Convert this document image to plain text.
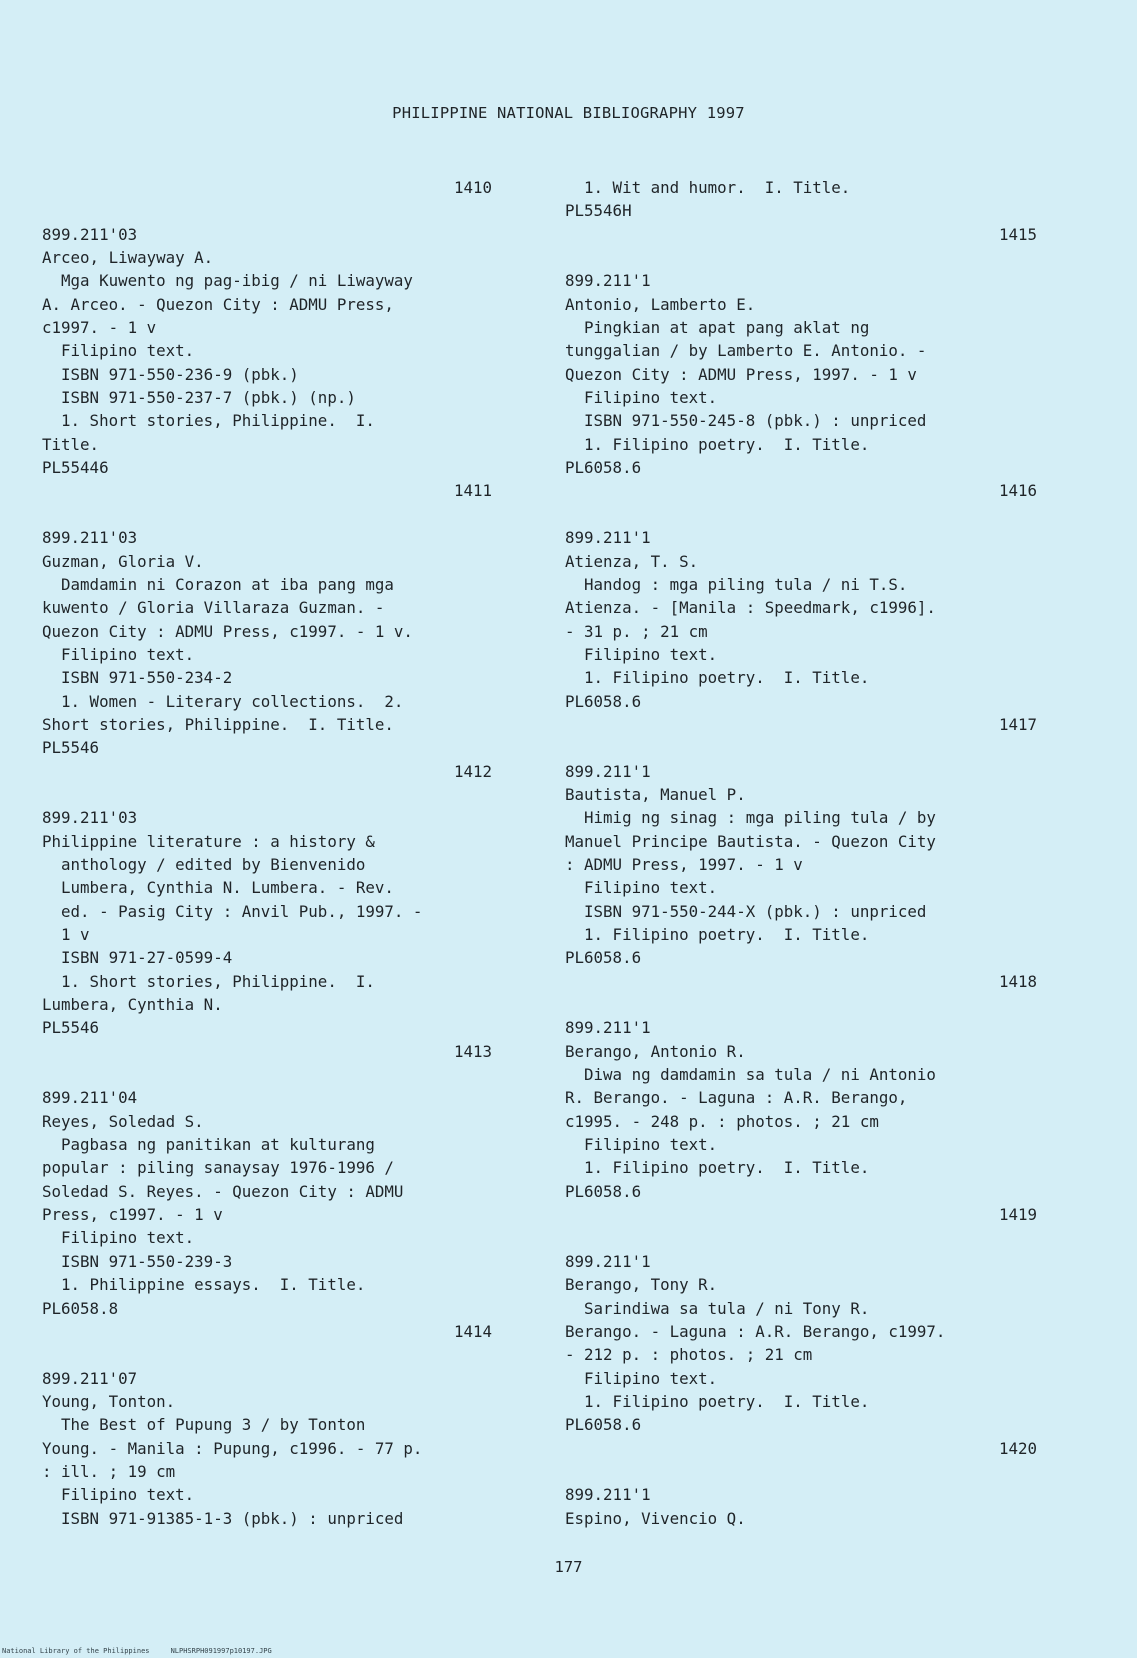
PHILIPPINE NATIONAL BIBLIOGRAPHY 1997
1410
899.211'03
Arceo, Liwayway A.
Mga Kuwento ng pag-ibig / ni Liwayway
A. Arceo. - Quezon City : ADMU Press,
c1997. - 1 v
Filipino text.
ISBN 971-550-236-9 (pbk.)
ISBN 971-550-237-7 (pbk.) (np.)
1. Short stories, Philippine.  I.
Title.
PL55446
1411
899.211'03
Guzman, Gloria V.
Damdamin ni Corazon at iba pang mga
kuwento / Gloria Villaraza Guzman. -
Quezon City : ADMU Press, c1997. - 1 v.
Filipino text.
ISBN 971-550-234-2
1. Women - Literary collections.  2.
Short stories, Philippine.  I. Title.
PL5546
1412
899.211'03
Philippine literature : a history &
anthology / edited by Bienvenido
Lumbera, Cynthia N. Lumbera. - Rev.
ed. - Pasig City : Anvil Pub., 1997. -
1 v
ISBN 971-27-0599-4
1. Short stories, Philippine.  I.
Lumbera, Cynthia N.
PL5546
1413
899.211'04
Reyes, Soledad S.
Pagbasa ng panitikan at kulturang
popular : piling sanaysay 1976-1996 /
Soledad S. Reyes. - Quezon City : ADMU
Press, c1997. - 1 v
Filipino text.
ISBN 971-550-239-3
1. Philippine essays.  I. Title.
PL6058.8
1414
899.211'07
Young, Tonton.
The Best of Pupung 3 / by Tonton
Young. - Manila : Pupung, c1996. - 77 p.
: ill. ; 19 cm
Filipino text.
ISBN 971-91385-1-3 (pbk.) : unpriced
1. Wit and humor.  I. Title.
PL5546H
1415
899.211'1
Antonio, Lamberto E.
Pingkian at apat pang aklat ng
tunggalian / by Lamberto E. Antonio. -
Quezon City : ADMU Press, 1997. - 1 v
Filipino text.
ISBN 971-550-245-8 (pbk.) : unpriced
1. Filipino poetry.  I. Title.
PL6058.6
1416
899.211'1
Atienza, T. S.
Handog : mga piling tula / ni T.S.
Atienza. - [Manila : Speedmark, c1996].
- 31 p. ; 21 cm
Filipino text.
1. Filipino poetry.  I. Title.
PL6058.6
1417
899.211'1
Bautista, Manuel P.
Himig ng sinag : mga piling tula / by
Manuel Principe Bautista. - Quezon City
: ADMU Press, 1997. - 1 v
Filipino text.
ISBN 971-550-244-X (pbk.) : unpriced
1. Filipino poetry.  I. Title.
PL6058.6
1418
899.211'1
Berango, Antonio R.
Diwa ng damdamin sa tula / ni Antonio
R. Berango. - Laguna : A.R. Berango,
c1995. - 248 p. : photos. ; 21 cm
Filipino text.
1. Filipino poetry.  I. Title.
PL6058.6
1419
899.211'1
Berango, Tony R.
Sarindiwa sa tula / ni Tony R.
Berango. - Laguna : A.R. Berango, c1997.
- 212 p. : photos. ; 21 cm
Filipino text.
1. Filipino poetry.  I. Title.
PL6058.6
1420
899.211'1
Espino, Vivencio Q.
177
National Library of the Philippines     NLPHSRPH091997p10197.JPG
